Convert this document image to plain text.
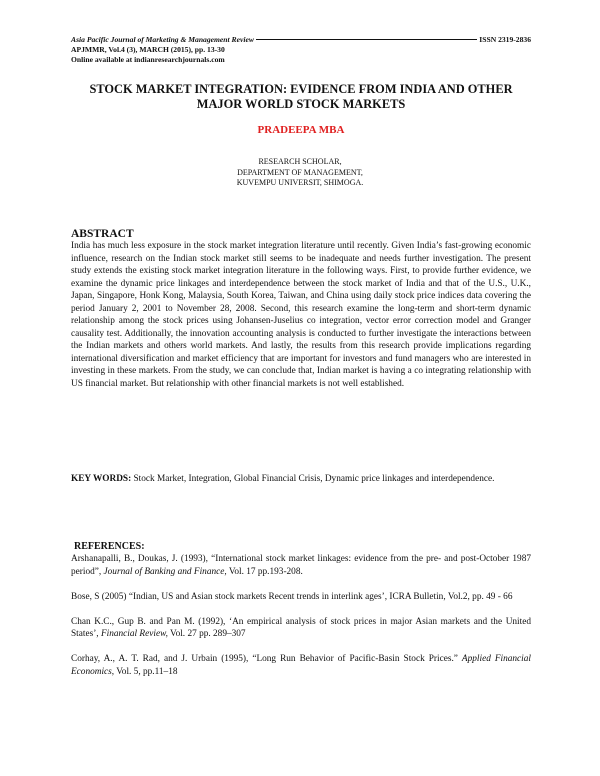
Asia Pacific Journal of Marketing & Management Review	ISSN 2319-2836
APJMMR, Vol.4 (3), MARCH (2015), pp. 13-30
Online available at indianresearchjournals.com
STOCK MARKET INTEGRATION: EVIDENCE FROM INDIA AND OTHER MAJOR WORLD STOCK MARKETS
PRADEEPA MBA
RESEARCH SCHOLAR,
DEPARTMENT OF MANAGEMENT,
KUVEMPU UNIVERSIT, SHIMOGA.
ABSTRACT

India has much less exposure in the stock market integration literature until recently. Given India’s fast-growing economic influence, research on the Indian stock market still seems to be inadequate and needs further investigation. The present study extends the existing stock market integration literature in the following ways. First, to provide further evidence, we examine the dynamic price linkages and interdependence between the stock market of India and that of the U.S., U.K., Japan, Singapore, Honk Kong, Malaysia, South Korea, Taiwan, and China using daily stock price indices data covering the period January 2, 2001 to November 28, 2008. Second, this research examine the long-term and short-term dynamic relationship among the stock prices using Johansen-Juselius co integration, vector error correction model and Granger causality test. Additionally, the innovation accounting analysis is conducted to further investigate the interactions between the Indian markets and others world markets. And lastly, the results from this research provide implications regarding international diversification and market efficiency that are important for investors and fund managers who are interested in investing in these markets. From the study, we can conclude that, Indian market is having a co integrating relationship with US financial market. But relationship with other financial markets is not well established.

KEY WORDS: Stock Market, Integration, Global Financial Crisis, Dynamic price linkages and interdependence.

REFERENCES:
Arshanapalli, B., Doukas, J. (1993), “International stock market linkages: evidence from the pre- and post-October 1987 period”, Journal of Banking and Finance, Vol. 17 pp.193-208.
Bose, S (2005) “Indian, US and Asian stock markets Recent trends in interlink ages’, ICRA Bulletin, Vol.2, pp. 49 - 66
Chan K.C., Gup B. and Pan M. (1992), ‘An empirical analysis of stock prices in major Asian markets and the United States’, Financial Review, Vol. 27 pp. 289–307
Corhay, A., A. T. Rad, and J. Urbain (1995), “Long Run Behavior of Pacific-Basin Stock Prices.” Applied Financial Economics, Vol. 5, pp.11–18
